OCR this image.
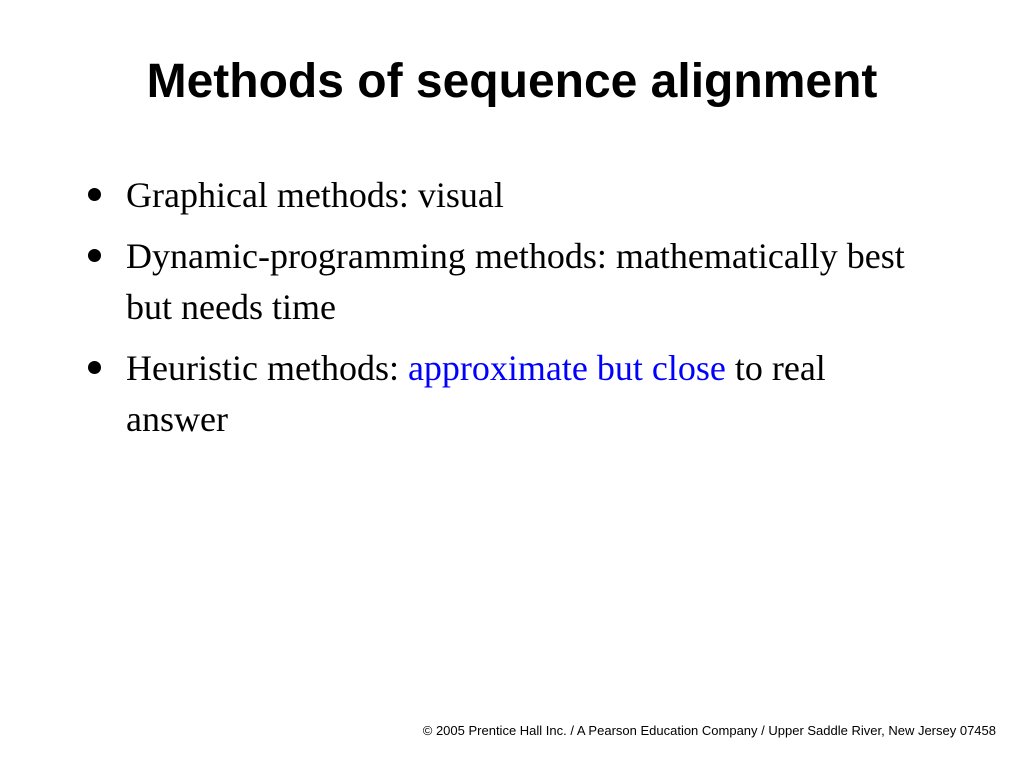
Methods of sequence alignment
Graphical methods: visual
Dynamic-programming methods: mathematically best but needs time
Heuristic methods: approximate but close to real answer
© 2005 Prentice Hall Inc. / A Pearson Education Company / Upper Saddle River, New Jersey 07458
